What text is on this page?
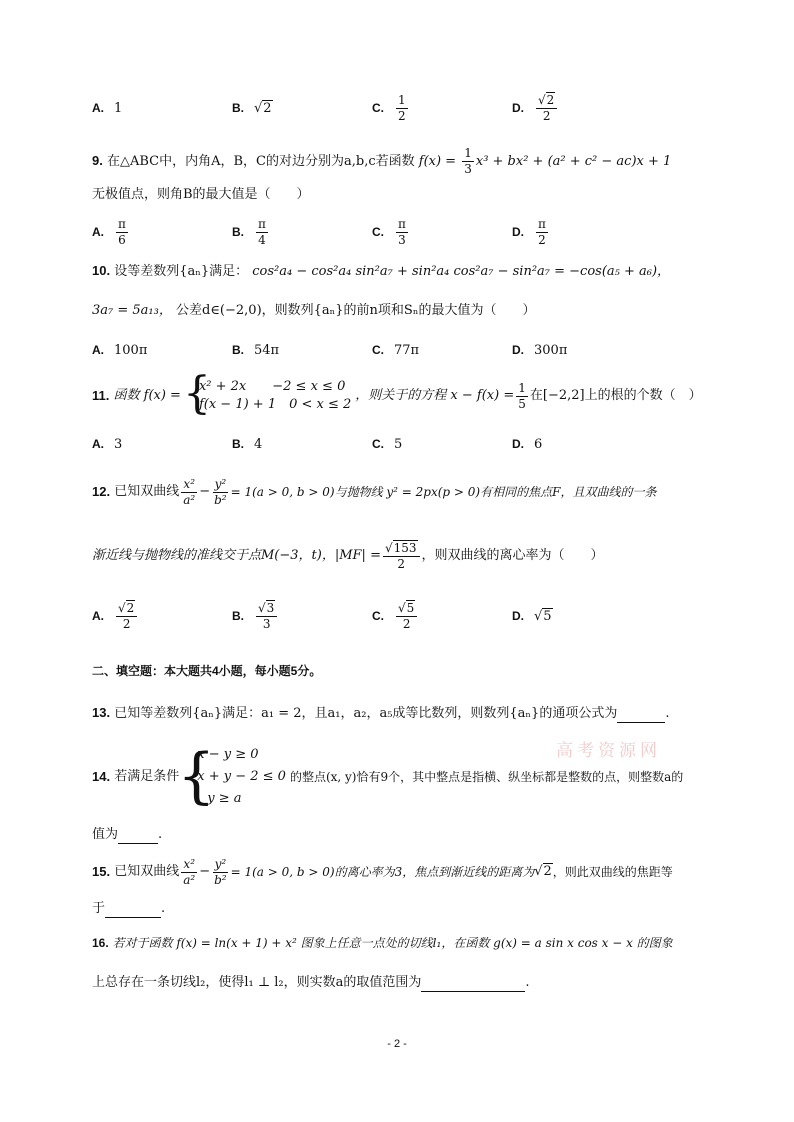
A. 1	B. √2	C. $\frac{1}{2}$	D. $\frac{√2}{2}$
9. 在△ABC中，内角A，B，C的对边分别为a,b,c若函数 $f(x) = \frac{1}{3} x^3 + bx^2 + (a^2 + c^2 - ac)x + 1$
无极值点，则角B的最大值是（　　）
A. $\frac{\pi}{6}$	B. $\frac{\pi}{4}$	C. $\frac{\pi}{3}$	D. $\frac{\pi}{2}$
10. 设等差数列{aₙ}满足： cos²a₄ − cos²a₄ sin²a₇ + sin²a₄ cos²a₇ − sin²a₇ = −cos(a₅ + a₆)，
3a₇ = 5a₁₃， 公差d∈(−2,0)，则数列{aₙ}的前n项和Sₙ的最大值为（　　）
A. 100π	B. 54π	C. 77π	D. 300π
11.
函数 f(x) = {
x² + 2x　　−2 ≤ x ≤ 0
f(x − 1) + 1　0 < x ≤ 2
，则关于的方程 $x - f(x) = \frac{1}{5}$ 在[−2,2]上的根的个数（　）
A. 3	B. 4	C. 5	D. 6
12.
已知双曲线 $\frac{\text{x²}}{\text{a²}} - \frac{\text{y²}}{\text{b²}} = 1(a > 0$, b > 0)与抛物线 y² = 2px(p > 0)有相同的焦点F，且双曲线的一条
渐近线与抛物线的准线交于点M(−3，t)，$|MF| = \frac{√153}{2}$ ，则双曲线的离心率为（　　）
A. $\frac{√2}{2}$	B. $\frac{√3}{3}$	C. $\frac{√5}{2}$	D. √5
二、填空题：本大题共4小题，每小题5分。
13. 已知等差数列{aₙ}满足：a₁ = 2，且a₁，a₂，a₅成等比数列，则数列{aₙ}的通项公式为	.
高考资源网
14.
若满足条件
{
x − y ≥ 0
x + y − 2 ≤ 0
y ≥ a
的整点(x, y)恰有9个，其中整点是指横、纵坐标都是整数的点，则整数a的
值为	.
15.
已知双曲线 $\frac{\text{x²}}{\text{a²}} - \frac{\text{y²}}{\text{b²}} = 1(a > 0$, b > 0)的离心率为3，焦点到渐近线的距离为 √2 ，则此双曲线的焦距等
于	.
16. 若对于函数 f(x) = ln(x + 1) + x² 图象上任意一点处的切线l₁，在函数 g(x) = a sin x cos x − x 的图象
上总存在一条切线l₂，使得l₁ ⊥ l₂，则实数a的取值范围为	.
- 2 -
